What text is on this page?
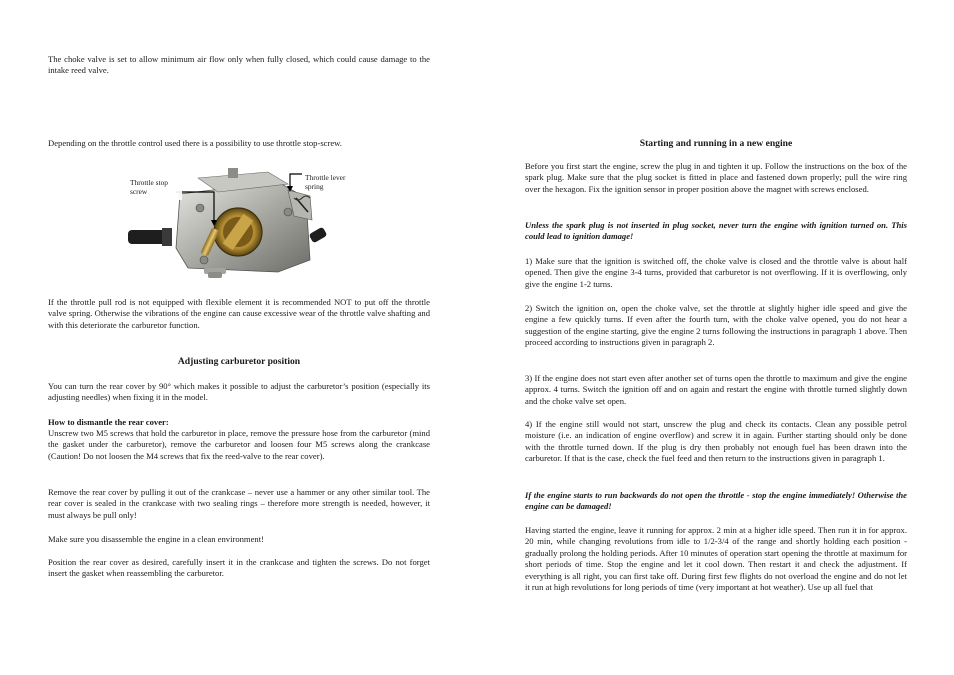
The choke valve is set to allow minimum air flow only when fully closed, which could cause damage to the intake reed valve.

Depending on the throttle control used there is a possibility to use throttle stop-screw.

Throttle stop screw
Throttle lever spring

If the throttle pull rod is not equipped with flexible element it is recommended NOT to put off the throttle valve spring. Otherwise the vibrations of the engine can cause excessive wear of the throttle valve shafting and with this deteriorate the carburetor function.

Adjusting carburetor position

You can turn the rear cover by 90° which makes it possible to adjust the carburetor’s position (especially its adjusting needles) when fixing it in the model.

How to dismantle the rear cover:

Unscrew two M5 screws that hold the carburetor in place, remove the pressure hose from the carburetor (mind the gasket under the carburetor), remove the carburetor and loosen four M5 screws along the crankcase (Caution! Do not loosen the M4 screws that fix the reed-valve to the rear cover).

Remove the rear cover by pulling it out of the crankcase – never use a hammer or any other similar tool. The rear cover is sealed in the crankcase with two sealing rings – therefore more strength is needed, however, it must always be pull only!

Make sure you disassemble the engine in a clean environment!

Position the rear cover as desired, carefully insert it in the crankcase and tighten the screws. Do not forget insert the gasket when reassembling the carburetor.

Starting and running in a new engine

Before you first start the engine, screw the plug in and tighten it up. Follow the instructions on the box of the spark plug. Make sure that the plug socket is fitted in place and fastened down properly; pull the wire ring over the hexagon. Fix the ignition sensor in proper position above the magnet with screws enclosed.

Unless the spark plug is not inserted in plug socket, never turn the engine with ignition turned on. This could lead to ignition damage!

1) Make sure that the ignition is switched off, the choke valve is closed and the throttle valve is about half opened. Then give the engine 3-4 turns, provided that carburetor is not overflowing. If it is overflowing, only give the engine 1-2 turns.

2) Switch the ignition on, open the choke valve, set the throttle at slightly higher idle speed and give the engine a few quickly turns. If even after the fourth turn, with the choke valve opened, you do not hear a suggestion of the engine starting, give the engine 2 turns following the instructions in paragraph 1 above. Then proceed according to instructions given in paragraph 2.

3) If the engine does not start even after another set of turns open the throttle to maximum and give the engine approx. 4 turns. Switch the ignition off and on again and restart the engine with throttle turned slightly down and the choke valve set open.

4) If the engine still would not start, unscrew the plug and check its contacts. Clean any possible petrol moisture (i.e. an indication of engine overflow) and screw it in again. Further starting should only be done with the throttle turned down. If the plug is dry then probably not enough fuel has been drawn into the carburetor. If that is the case, check the fuel feed and then return to the instructions given in paragraph 1.

If the engine starts to run backwards do not open the throttle - stop the engine immediately! Otherwise the engine can be damaged!

Having started the engine, leave it running for approx. 2 min at a higher idle speed. Then run it in for approx. 20 min, while changing revolutions from idle to 1/2-3/4 of the range and shortly holding each position - gradually prolong the holding periods. After 10 minutes of operation start opening the throttle at maximum for short periods of time. Stop the engine and let it cool down. Then restart it and check the adjustment. If everything is all right, you can first take off. During first few flights do not overload the engine and do not let it run at high revolutions for long periods of time (very important at hot weather). Use up all fuel that
